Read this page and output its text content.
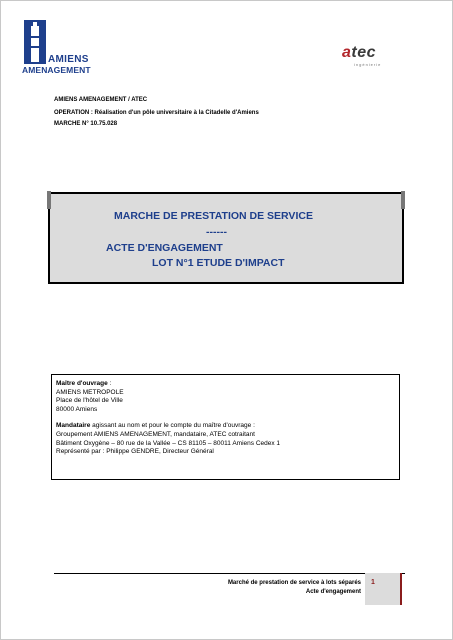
AMIENS
AMENAGEMENT
atec
ingénierie
AMIENS AMENAGEMENT / ATEC
OPERATION : Réalisation d'un pôle universitaire à la Citadelle d'Amiens
MARCHE N° 10.75.028
MARCHE DE PRESTATION DE SERVICE
------
ACTE D'ENGAGEMENT
LOT N°1 ETUDE D'IMPACT
Maître d'ouvrage :
AMIENS METROPOLE
Place de l'hôtel de Ville
80000 Amiens
Mandataire agissant au nom et pour le compte du maître d'ouvrage :
Groupement AMIENS AMENAGEMENT, mandataire, ATEC cotraitant
Bâtiment Oxygène – 80 rue de la Vallée – CS 81105 – 80011 Amiens Cedex 1
Représenté par : Philippe GENDRE, Directeur Général
Marché de prestation de service à lots séparés
Acte d'engagement
1
